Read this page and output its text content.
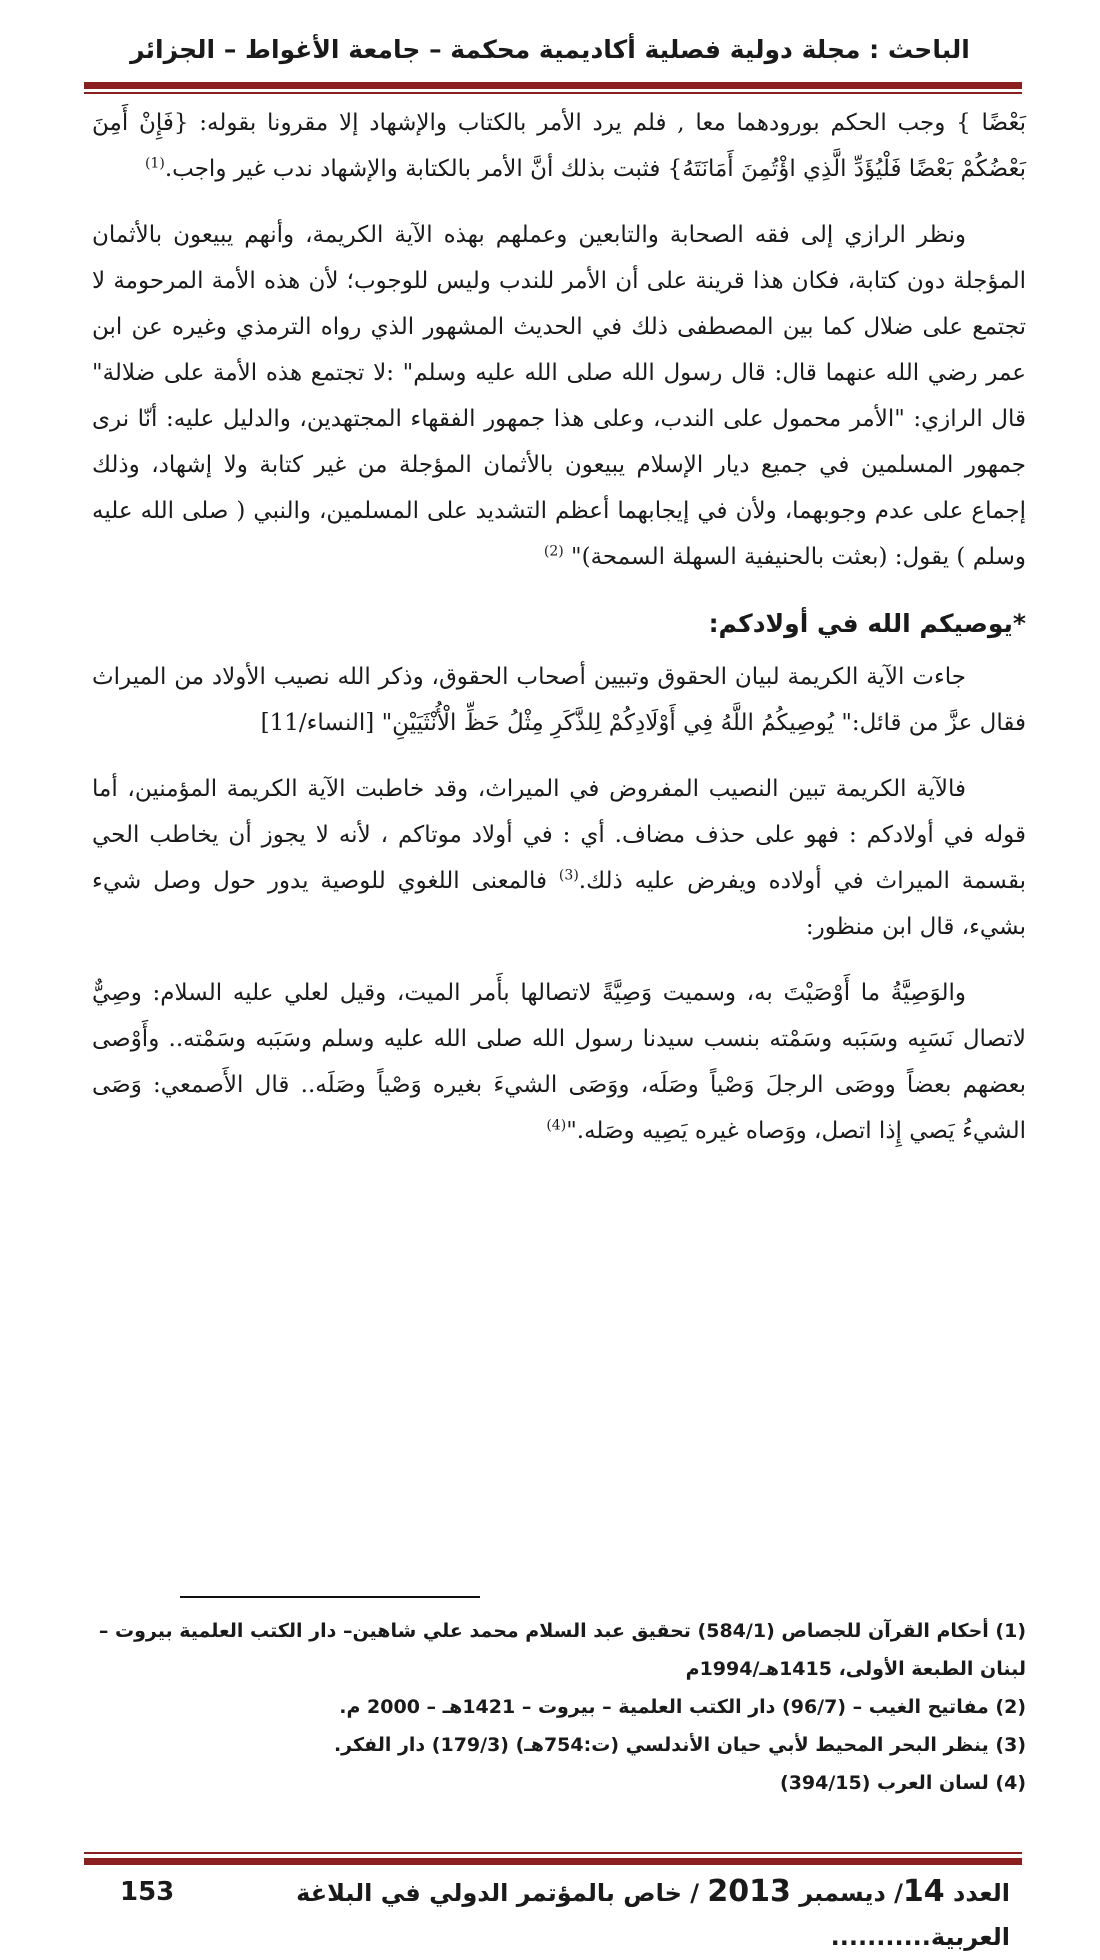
الباحث : مجلة دولية فصلية أكاديمية محكمة – جامعة الأغواط – الجزائر

بَعْضًا } وجب الحكم بورودهما معا , فلم يرد الأمر بالكتاب والإشهاد إلا مقرونا بقوله: {فَإِنْ أَمِنَ بَعْضُكُمْ بَعْضًا فَلْيُؤَدِّ الَّذِي اؤْتُمِنَ أَمَانَتَهُ} فثبت بذلك أنَّ الأمر بالكتابة والإشهاد ندب غير واجب.$^{(1)}$

ونظر الرازي إلى فقه الصحابة والتابعين وعملهم بهذه الآية الكريمة، وأنهم يبيعون بالأثمان المؤجلة دون كتابة، فكان هذا قرينة على أن الأمر للندب وليس للوجوب؛ لأن هذه الأمة المرحومة لا تجتمع على ضلال كما بين المصطفى ذلك في الحديث المشهور الذي رواه الترمذي وغيره عن ابن عمر رضي الله عنهما قال: قال رسول الله صلى الله عليه وسلم" :لا تجتمع هذه الأمة على ضلالة" قال الرازي: "الأمر محمول على الندب، وعلى هذا جمهور الفقهاء المجتهدين، والدليل عليه: أنّا نرى جمهور المسلمين في جميع ديار الإسلام يبيعون بالأثمان المؤجلة من غير كتابة ولا إشهاد، وذلك إجماع على عدم وجوبهما، ولأن في إيجابهما أعظم التشديد على المسلمين، والنبي ( صلى الله عليه وسلم ) يقول: (بعثت بالحنيفية السهلة السمحة)" $^{(2)}$

*يوصيكم الله في أولادكم:

جاءت الآية الكريمة لبيان الحقوق وتبيين أصحاب الحقوق، وذكر الله نصيب الأولاد من الميراث فقال عزَّ من قائل:" يُوصِيكُمُ اللَّهُ فِي أَوْلَادِكُمْ لِلذَّكَرِ مِثْلُ حَظِّ الْأُنْثَيَيْنِ" [النساء/11]

فالآية الكريمة تبين النصيب المفروض في الميراث، وقد خاطبت الآية الكريمة المؤمنين، أما قوله في أولادكم : فهو على حذف مضاف. أي : في أولاد موتاكم ، لأنه لا يجوز أن يخاطب الحي بقسمة الميراث في أولاده ويفرض عليه ذلك.$^{(3)}$ فالمعنى اللغوي للوصية يدور حول وصل شيء بشيء، قال ابن منظور:

والوَصِيَّةُ ما أَوْصَيْتَ به، وسميت وَصِيَّةً لاتصالها بأَمر الميت، وقيل لعلي عليه السلام: وصِيٌّ لاتصال نَسَبِه وسَبَبه وسَمْته بنسب سيدنا رسول الله صلى الله عليه وسلم وسَبَبه وسَمْته.. وأَوْصى بعضهم بعضاً ووصَى الرجلَ وَصْياً وصَلَه، ووَصَى الشيءَ بغيره وَصْياً وصَلَه.. قال الأَصمعي: وَصَى الشيءُ يَصي إِذا اتصل، ووَصاه غيره يَصِيه وصَله."$^{(4)}$

(1) أحكام القرآن للجصاص (584/1) تحقيق عبد السلام محمد علي شاهين– دار الكتب العلمية بيروت – لبنان الطبعة الأولى، 1415هـ/1994م

(2) مفاتيح الغيب – (96/7) دار الكتب العلمية – بيروت – 1421هـ – 2000 م.

(3) ينظر البحر المحيط لأبي حيان الأندلسي (ت:754هـ) (179/3) دار الفكر.

(4) لسان العرب (394/15)

العدد 14/ ديسمبر 2013 / خاص بالمؤتمر الدولي في البلاغة العربية...........
153
